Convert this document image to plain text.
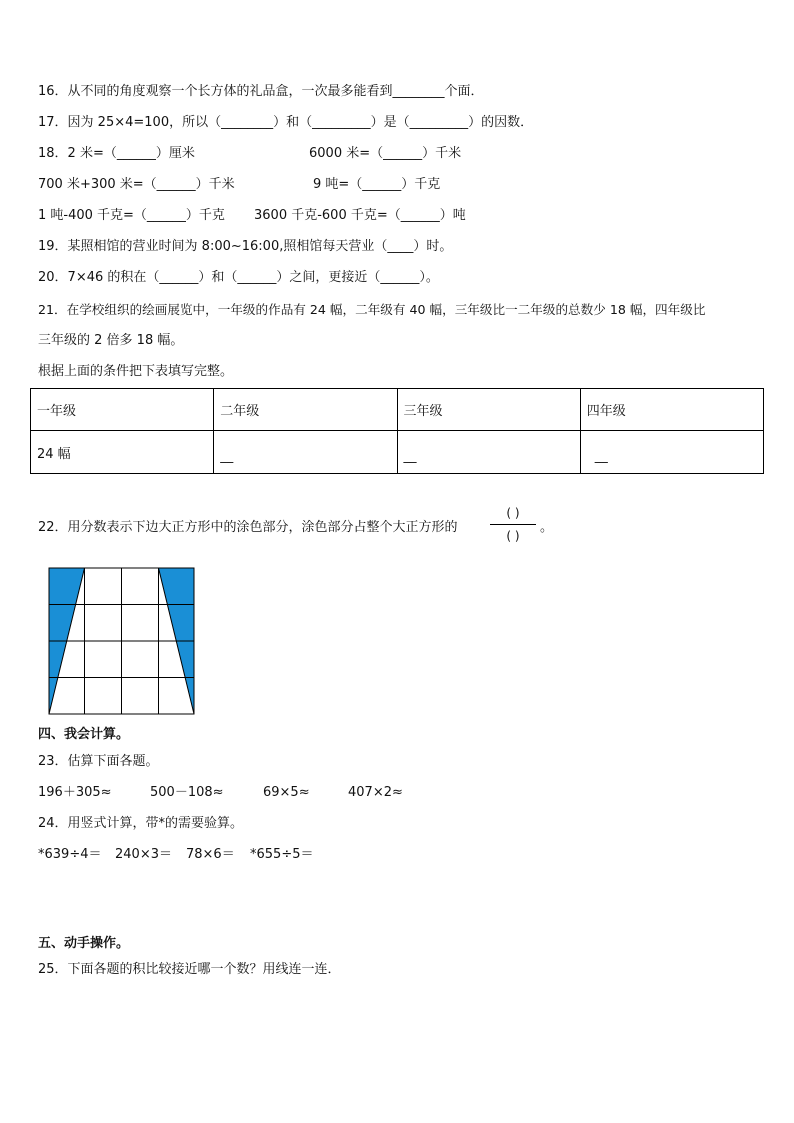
16．从不同的角度观察一个长方体的礼品盒，一次最多能看到________个面．
17．因为 25×4=100，所以（________）和（_________）是（_________）的因数．
18．2 米=（______）厘米	6000 米=（______）千米
700 米+300 米=（______）千米	9 吨=（______）千克
1 吨-400 千克=（______）千克 3600 千克-600 千克=（______）吨
19．某照相馆的营业时间为 8:00~16:00,照相馆每天营业（____）时。
20．7×46 的积在（______）和（______）之间，更接近（______）。
21．在学校组织的绘画展览中，一年级的作品有 24 幅，二年级有 40 幅，三年级比一二年级的总数少 18 幅，四年级比
三年级的 2 倍多 18 幅。
根据上面的条件把下表填写完整。
一年级	二年级	三年级	四年级
24 幅	__	__	__
22．用分数表示下边大正方形中的涂色部分，涂色部分占整个大正方形的
( )
( )
。
四、我会计算。
23．估算下面各题。
196＋305≈	500－108≈	69×5≈	407×2≈
24．用竖式计算，带*的需要验算。
*639÷4＝ 240×3＝ 78×6＝ *655÷5＝
五、动手操作。
25．下面各题的积比较接近哪一个数？用线连一连．
